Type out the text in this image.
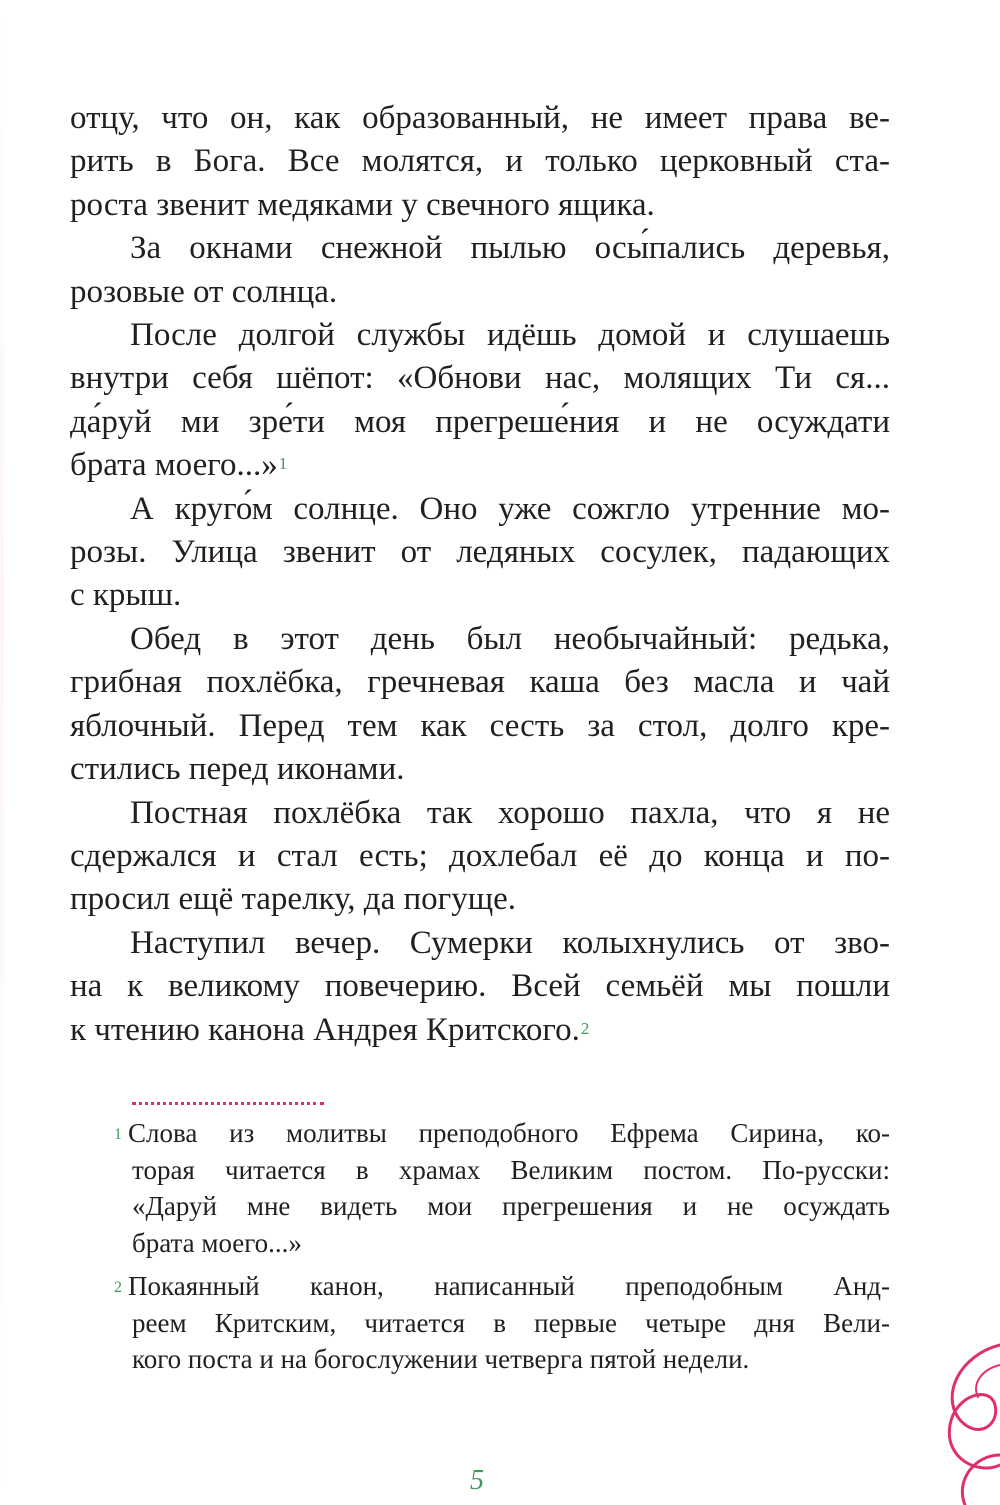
отцу, что он, как образованный, не имеет права ве-
рить в Бога. Все молятся, и только церковный ста-
роста звенит медяками у свечного ящика.

За окнами снежной пылью осы́пались деревья,
розовые от солнца.

После долгой службы идёшь домой и слушаешь
внутри себя шёпот: «Обнови нас, молящих Ти ся...
да́руй ми зре́ти моя прегреше́ния и не осуждати
брата моего...»$^1$

А круго́м солнце. Оно уже сожгло утренние мо-
розы. Улица звенит от ледяных сосулек, падающих
с крыш.

Обед в этот день был необычайный: редька,
грибная похлёбка, гречневая каша без масла и чай
яблочный. Перед тем как сесть за стол, долго кре-
стились перед иконами.

Постная похлёбка так хорошо пахла, что я не
сдержался и стал есть; дохлебал её до конца и по-
просил ещё тарелку, да погуще.

Наступил вечер. Сумерки колыхнулись от зво-
на к великому повечерию. Всей семьёй мы пошли
к чтению канона Андрея Критского.$^2$

$^1$ Слова из молитвы преподобного Ефрема Сирина, ко-
торая читается в храмах Великим постом. По-русски:
«Даруй мне видеть мои прегрешения и не осуждать
брата моего...»

$^2$ Покаянный канон, написанный преподобным Анд-
реем Критским, читается в первые четыре дня Вели-
кого поста и на богослужении четверга пятой недели.

5
